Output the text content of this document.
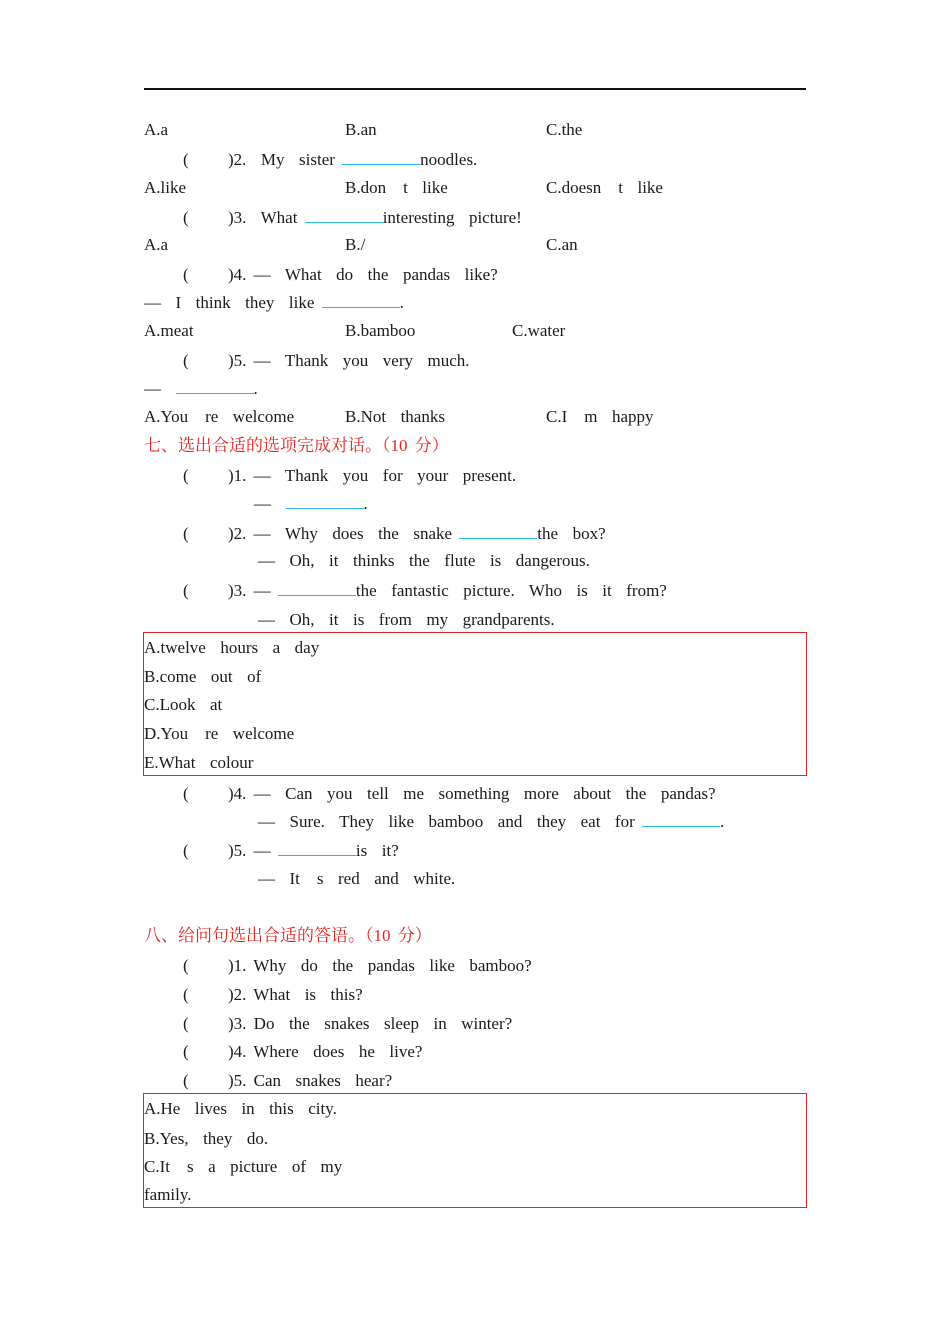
A.a	B.an	C.the
( )2. My  sister	noodles.
A.like	B.don　t  like	C.doesn　t  like
( )3. What	interesting  picture!
A.a	B./	C.an
( )4. —  What  do  the  pandas  like?
—  I  think  they  like	.
A.meat	B.bamboo	C.water
( )5. —  Thank  you  very  much.
—	.
A.You　re  welcome	B.Not  thanks	C.I　m  happy
七、选出合适的选项完成对话。（10 分）
( )1. —  Thank  you  for  your  present.
—	.
( )2. —  Why  does  the  snake	the  box?
—  Oh,  it  thinks  the  flute  is  dangerous.
( )3. —	the  fantastic  picture.  Who  is  it  from?
—  Oh,  it  is  from  my  grandparents.
A.twelve  hours  a  day
B.come  out  of
C.Look  at
D.You　re  welcome
E.What  colour
( )4. —  Can  you  tell  me  something  more  about  the  pandas?
—  Sure.  They  like  bamboo  and  they  eat  for	.
( )5. —	is  it?
—  It　s  red  and  white.
八、给问句选出合适的答语。（10 分）
( )1. Why  do  the  pandas  like  bamboo?
( )2. What  is  this?
( )3. Do  the  snakes  sleep  in  winter?
( )4. Where  does  he  live?
( )5. Can  snakes  hear?
A.He  lives  in  this  city.
B.Yes,  they  do.
C.It　s  a  picture  of  my
family.
